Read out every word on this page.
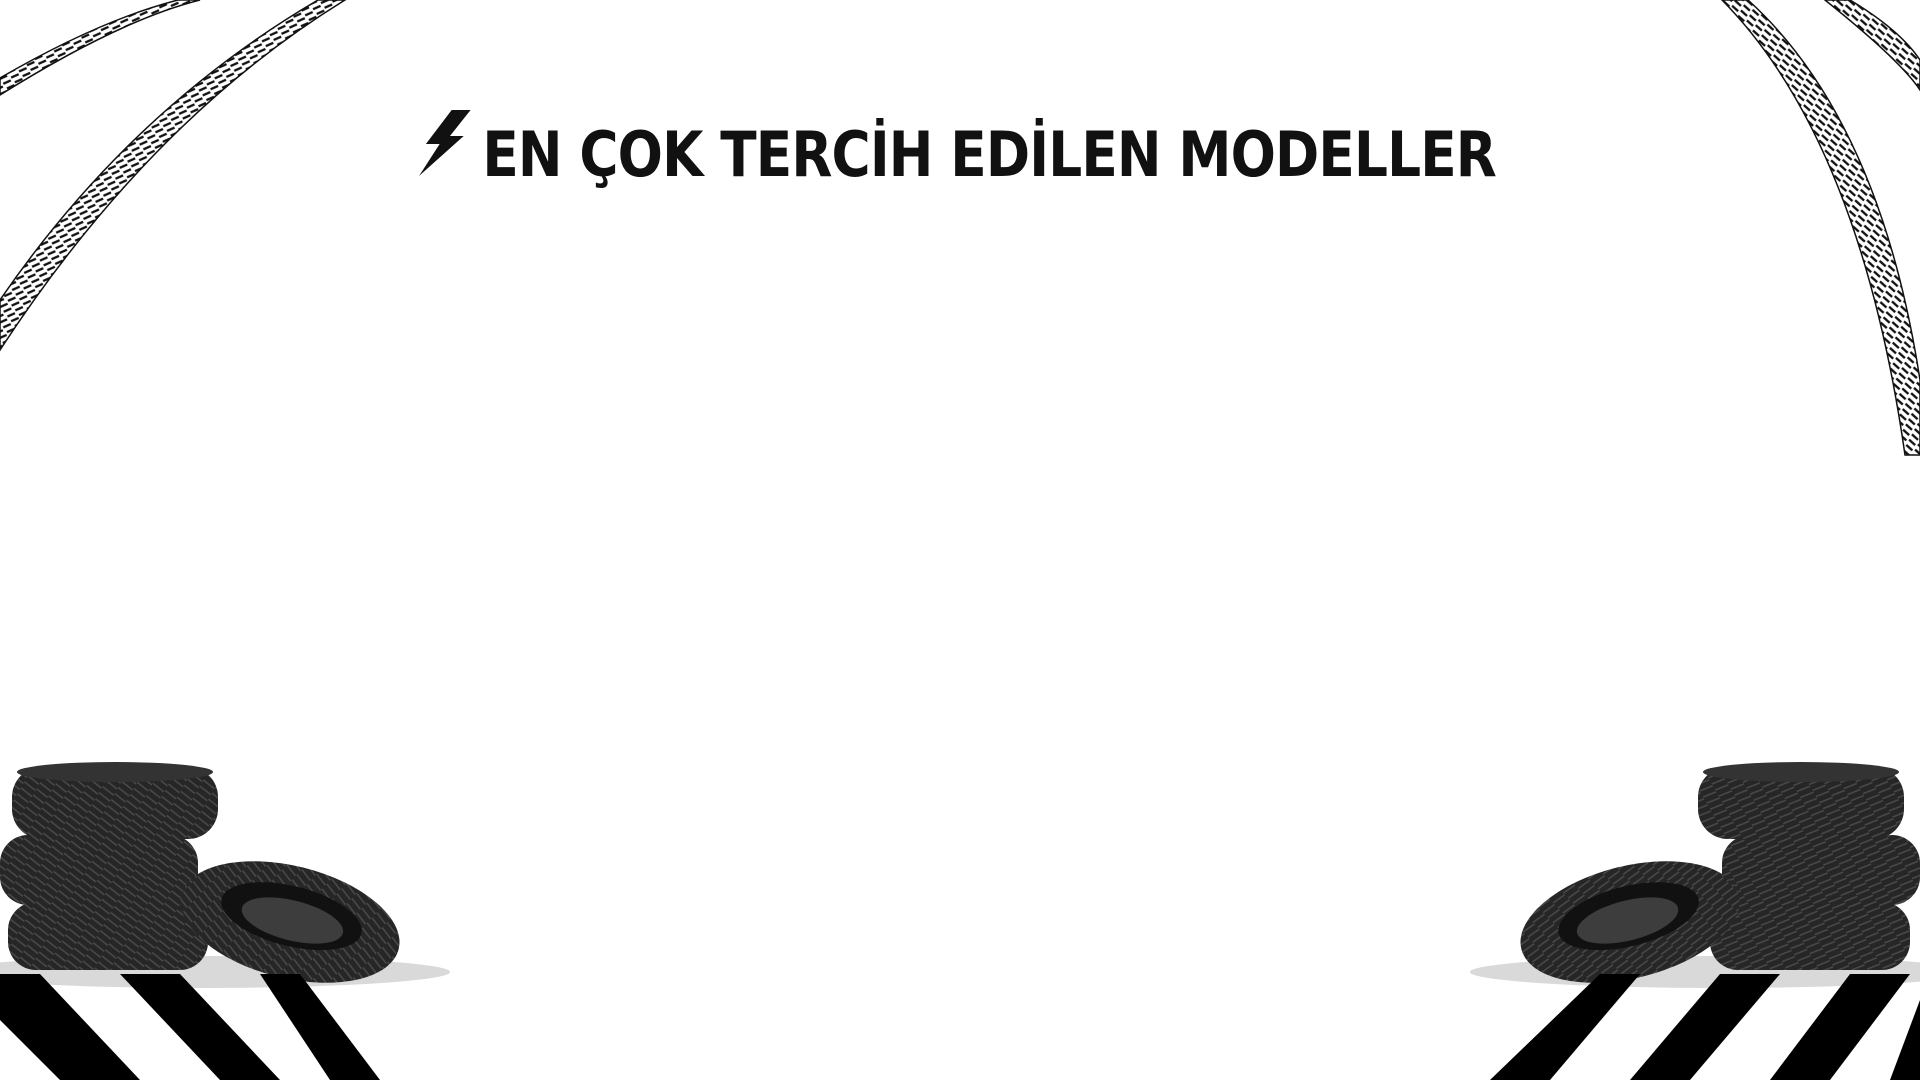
EN ÇOK TERCİH EDİLEN MODELLER
